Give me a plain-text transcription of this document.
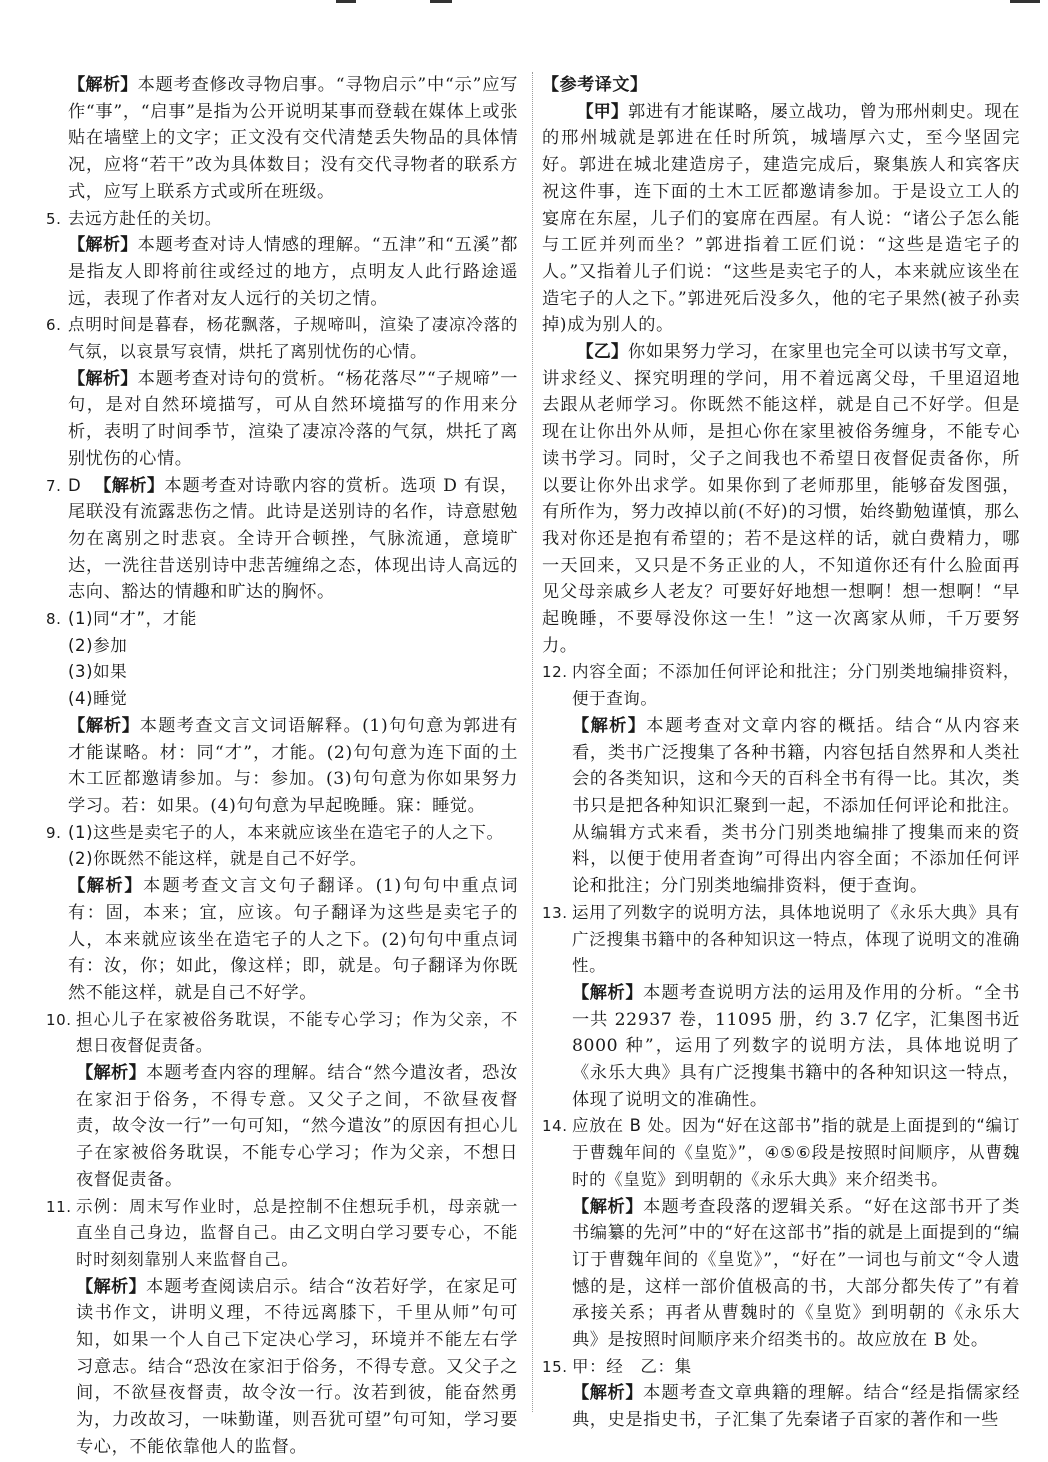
【解析】本题考查修改寻物启事。“寻物启示”中“示”应写作“事”，“启事”是指为公开说明某事而登载在媒体上或张贴在墙壁上的文字；正文没有交代清楚丢失物品的具体情况，应将“若干”改为具体数目；没有交代寻物者的联系方式，应写上联系方式或所在班级。
5. 去远方赴任的关切。
【解析】本题考查对诗人情感的理解。“五津”和“五溪”都是指友人即将前往或经过的地方，点明友人此行路途遥远，表现了作者对友人远行的关切之情。
6. 点明时间是暮春，杨花飘落，子规啼叫，渲染了凄凉冷落的气氛，以哀景写哀情，烘托了离别忧伤的心情。
【解析】本题考查对诗句的赏析。“杨花落尽”“子规啼”一句，是对自然环境描写，可从自然环境描写的作用来分析，表明了时间季节，渲染了凄凉冷落的气氛，烘托了离别忧伤的心情。
7. D 【解析】本题考查对诗歌内容的赏析。选项 D 有误，尾联没有流露悲伤之情。此诗是送别诗的名作，诗意慰勉勿在离别之时悲哀。全诗开合顿挫，气脉流通，意境旷达，一洗往昔送别诗中悲苦缠绵之态，体现出诗人高远的志向、豁达的情趣和旷达的胸怀。
8. (1)同“才”，才能
(2)参加
(3)如果
(4)睡觉
【解析】本题考查文言文词语解释。(1)句句意为郭进有才能谋略。材：同“才”，才能。(2)句句意为连下面的土木工匠都邀请参加。与：参加。(3)句句意为你如果努力学习。若：如果。(4)句句意为早起晚睡。寐：睡觉。
9. (1)这些是卖宅子的人，本来就应该坐在造宅子的人之下。
(2)你既然不能这样，就是自己不好学。
【解析】本题考查文言文句子翻译。(1)句句中重点词有：固，本来；宜，应该。句子翻译为这些是卖宅子的人，本来就应该坐在造宅子的人之下。(2)句句中重点词有：汝，你；如此，像这样；即，就是。句子翻译为你既然不能这样，就是自己不好学。
10. 担心儿子在家被俗务耽误，不能专心学习；作为父亲，不想日夜督促责备。
【解析】本题考查内容的理解。结合“然今遣汝者，恐汝在家汩于俗务，不得专意。又父子之间，不欲昼夜督责，故令汝一行”一句可知，“然今遣汝”的原因有担心儿子在家被俗务耽误，不能专心学习；作为父亲，不想日夜督促责备。
11. 示例：周末写作业时，总是控制不住想玩手机，母亲就一直坐自己身边，监督自己。由乙文明白学习要专心，不能时时刻刻靠别人来监督自己。
【解析】本题考查阅读启示。结合“汝若好学，在家足可读书作文，讲明义理，不待远离膝下，千里从师”句可知，如果一个人自己下定决心学习，环境并不能左右学习意志。结合“恐汝在家汩于俗务，不得专意。又父子之间，不欲昼夜督责，故令汝一行。汝若到彼，能奋然勇为，力改故习，一味勤谨，则吾犹可望”句可知，学习要专心，不能依靠他人的监督。
【参考译文】
【甲】郭进有才能谋略，屡立战功，曾为邢州刺史。现在的邢州城就是郭进在任时所筑，城墙厚六丈，至今坚固完好。郭进在城北建造房子，建造完成后，聚集族人和宾客庆祝这件事，连下面的土木工匠都邀请参加。于是设立工人的宴席在东屋，儿子们的宴席在西屋。有人说：“诸公子怎么能与工匠并列而坐？”郭进指着工匠们说：“这些是造宅子的人。”又指着儿子们说：“这些是卖宅子的人，本来就应该坐在造宅子的人之下。”郭进死后没多久，他的宅子果然(被子孙卖掉)成为别人的。
【乙】你如果努力学习，在家里也完全可以读书写文章，讲求经义、探究明理的学问，用不着远离父母，千里迢迢地去跟从老师学习。你既然不能这样，就是自己不好学。但是现在让你出外从师，是担心你在家里被俗务缠身，不能专心读书学习。同时，父子之间我也不希望日夜督促责备你，所以要让你外出求学。如果你到了老师那里，能够奋发图强，有所作为，努力改掉以前(不好)的习惯，始终勤勉谨慎，那么我对你还是抱有希望的；若不是这样的话，就白费精力，哪一天回来，又只是不务正业的人，不知道你还有什么脸面再见父母亲戚乡人老友？可要好好地想一想啊！想一想啊！“早起晚睡，不要辱没你这一生！”这一次离家从师，千万要努力。
12. 内容全面；不添加任何评论和批注；分门别类地编排资料，便于查询。
【解析】本题考查对文章内容的概括。结合“从内容来看，类书广泛搜集了各种书籍，内容包括自然界和人类社会的各类知识，这和今天的百科全书有得一比。其次，类书只是把各种知识汇聚到一起，不添加任何评论和批注。从编辑方式来看，类书分门别类地编排了搜集而来的资料，以便于使用者查询”可得出内容全面；不添加任何评论和批注；分门别类地编排资料，便于查询。
13. 运用了列数字的说明方法，具体地说明了《永乐大典》具有广泛搜集书籍中的各种知识这一特点，体现了说明文的准确性。
【解析】本题考查说明方法的运用及作用的分析。“全书一共 22937 卷，11095 册，约 3.7 亿字，汇集图书近 8000 种”，运用了列数字的说明方法，具体地说明了《永乐大典》具有广泛搜集书籍中的各种知识这一特点，体现了说明文的准确性。
14. 应放在 B 处。因为“好在这部书”指的就是上面提到的“编订于曹魏年间的《皇览》”，④⑤⑥段是按照时间顺序，从曹魏时的《皇览》到明朝的《永乐大典》来介绍类书。
【解析】本题考查段落的逻辑关系。“好在这部书开了类书编纂的先河”中的“好在这部书”指的就是上面提到的“编订于曹魏年间的《皇览》”，“好在”一词也与前文“令人遗憾的是，这样一部价值极高的书，大部分都失传了”有着承接关系；再者从曹魏时的《皇览》到明朝的《永乐大典》是按照时间顺序来介绍类书的。故应放在 B 处。
15. 甲：经　乙：集
【解析】本题考查文章典籍的理解。结合“经是指儒家经典，史是指史书，子汇集了先秦诸子百家的著作和一些
